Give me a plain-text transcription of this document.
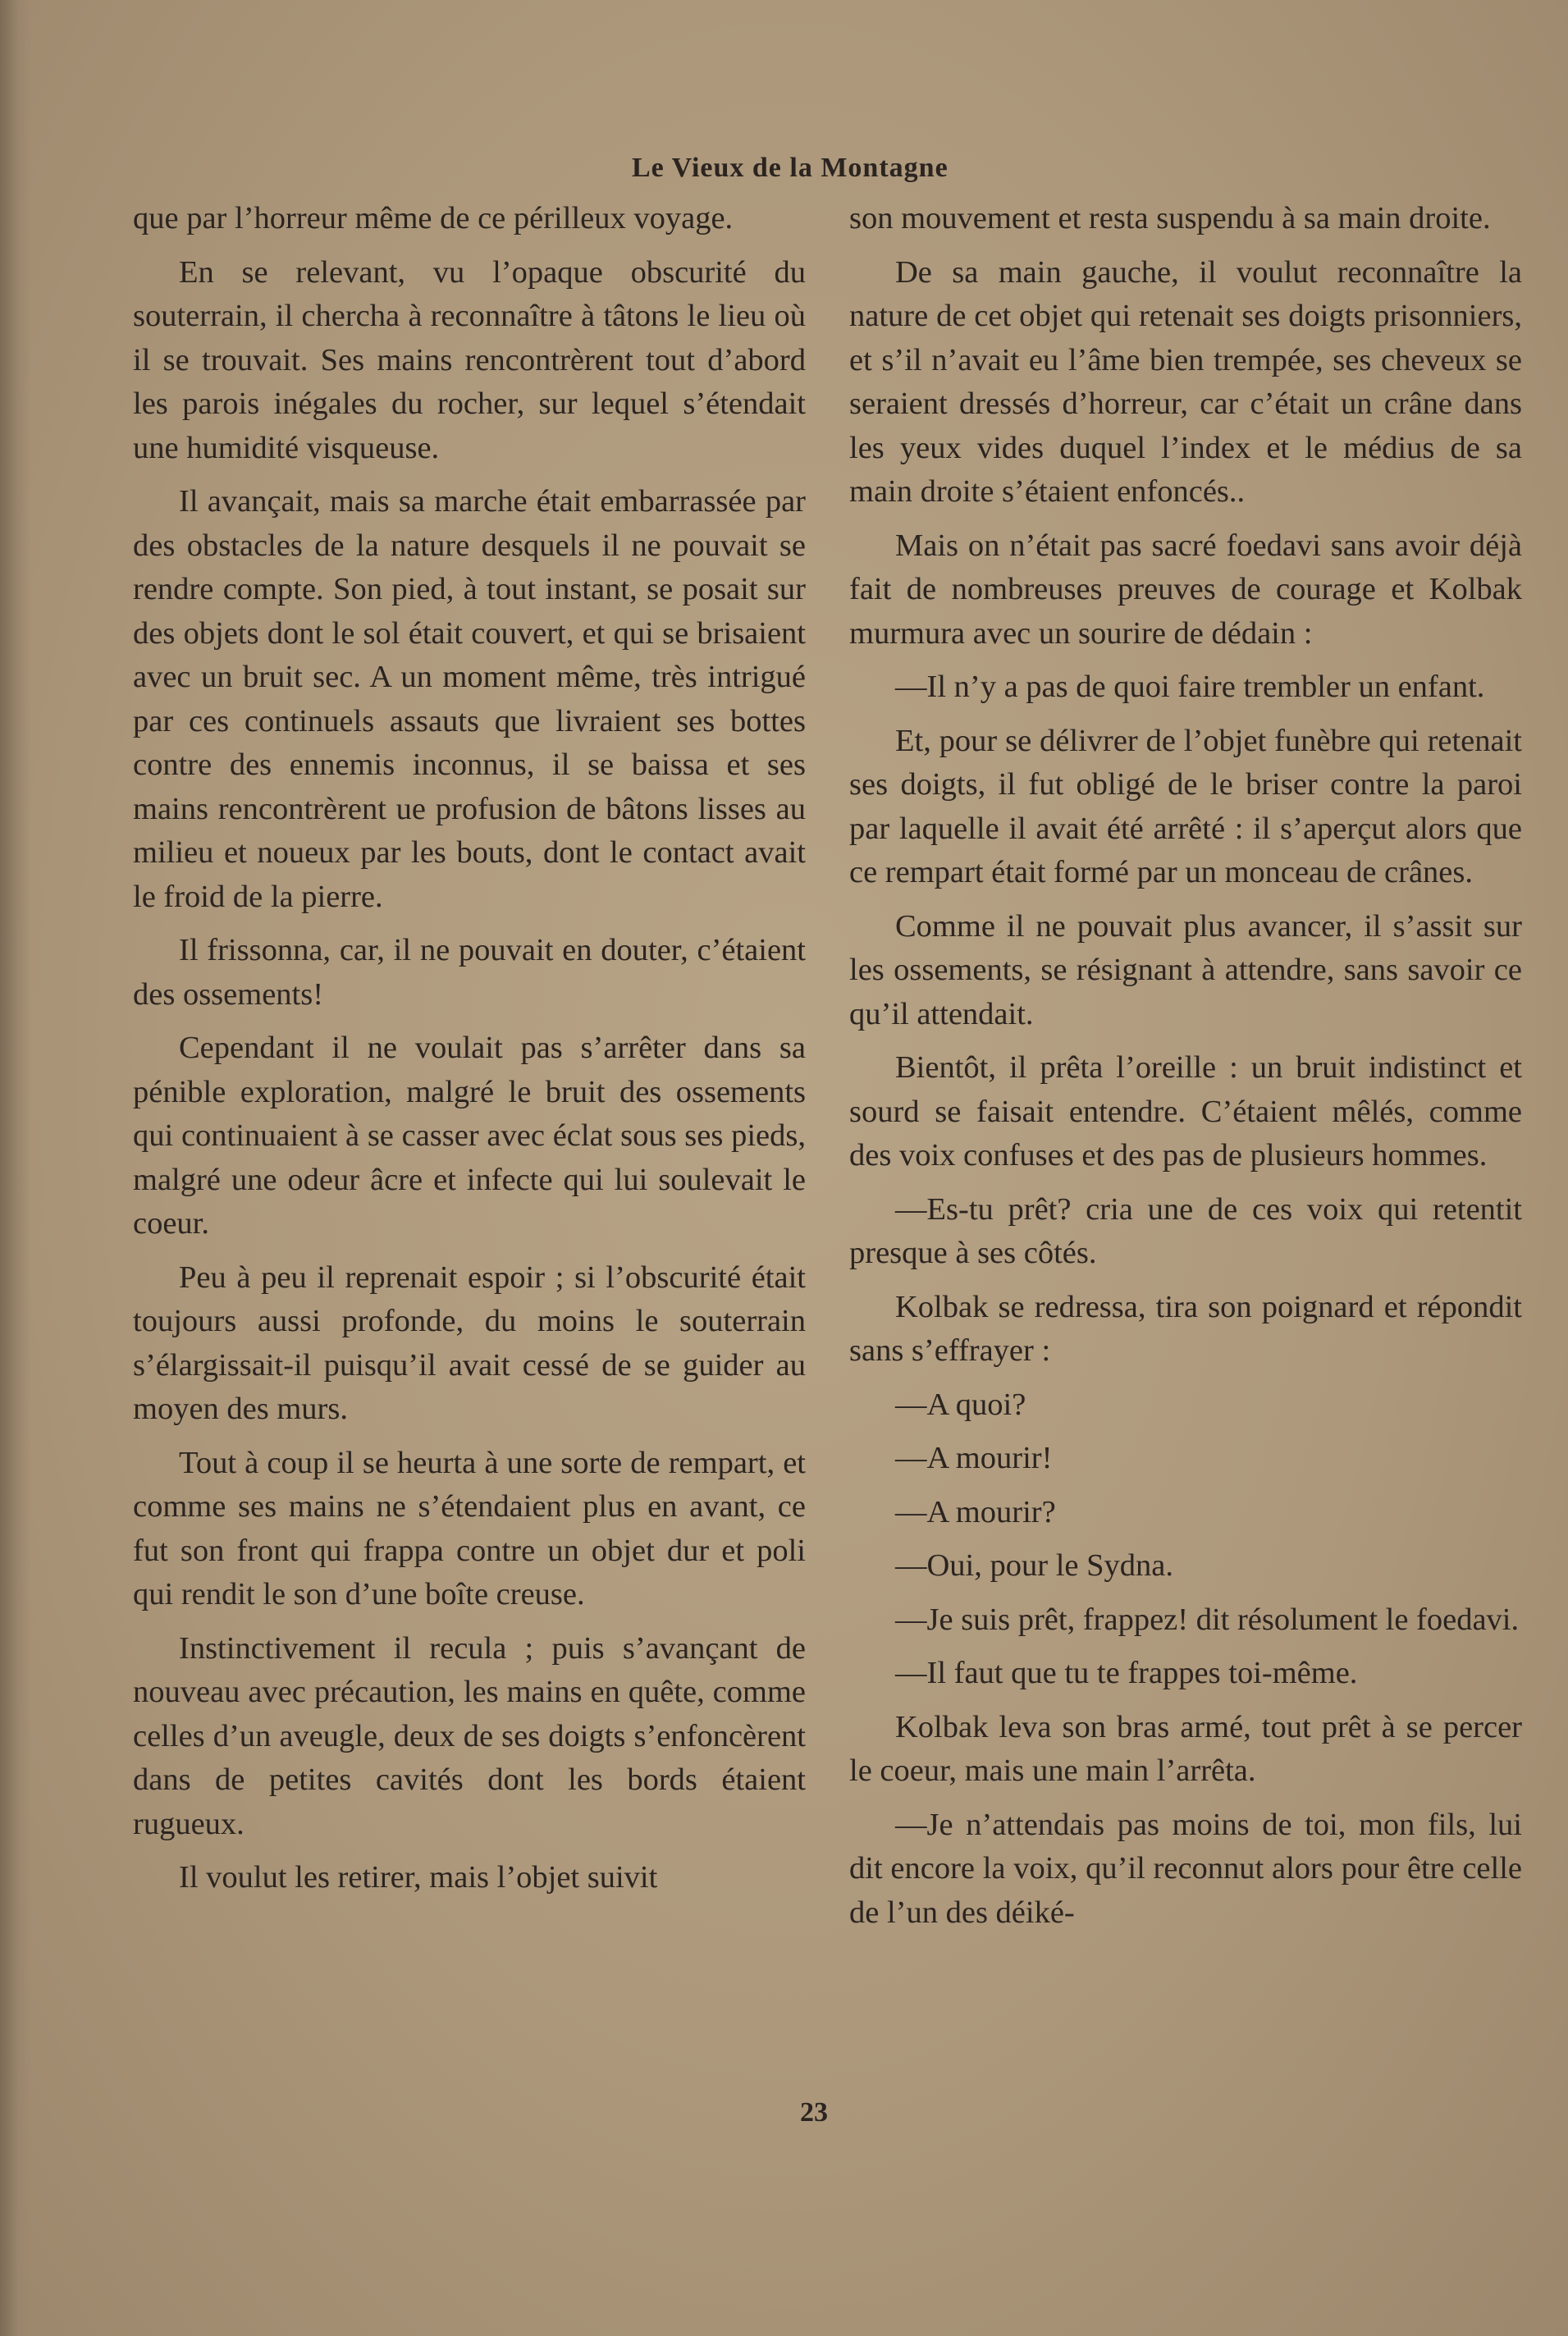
Le Vieux de la Montagne

que par l’horreur même de ce périlleux voyage.

En se relevant, vu l’opaque obscurité du souterrain, il chercha à reconnaître à tâtons le lieu où il se trouvait. Ses mains rencontrèrent tout d’abord les parois inégales du rocher, sur lequel s’étendait une humidité visqueuse.

Il avançait, mais sa marche était embarrassée par des obstacles de la nature desquels il ne pouvait se rendre compte. Son pied, à tout instant, se posait sur des objets dont le sol était couvert, et qui se brisaient avec un bruit sec. A un moment même, très intrigué par ces continuels assauts que livraient ses bottes contre des ennemis inconnus, il se baissa et ses mains rencontrèrent ue profusion de bâtons lisses au milieu et noueux par les bouts, dont le contact avait le froid de la pierre.

Il frissonna, car, il ne pouvait en douter, c’étaient des ossements!

Cependant il ne voulait pas s’arrêter dans sa pénible exploration, malgré le bruit des ossements qui continuaient à se casser avec éclat sous ses pieds, malgré une odeur âcre et infecte qui lui soulevait le coeur.

Peu à peu il reprenait espoir ; si l’obscurité était toujours aussi profonde, du moins le souterrain s’élargissait-il puisqu’il avait cessé de se guider au moyen des murs.

Tout à coup il se heurta à une sorte de rempart, et comme ses mains ne s’étendaient plus en avant, ce fut son front qui frappa contre un objet dur et poli qui rendit le son d’une boîte creuse.

Instinctivement il recula ; puis s’avançant de nouveau avec précaution, les mains en quête, comme celles d’un aveugle, deux de ses doigts s’enfoncèrent dans de petites cavités dont les bords étaient rugueux.

Il voulut les retirer, mais l’objet suivit

son mouvement et resta suspendu à sa main droite.

De sa main gauche, il voulut reconnaître la nature de cet objet qui retenait ses doigts prisonniers, et s’il n’avait eu l’âme bien trempée, ses cheveux se seraient dressés d’horreur, car c’était un crâne dans les yeux vides duquel l’index et le médius de sa main droite s’étaient enfoncés..

Mais on n’était pas sacré foedavi sans avoir déjà fait de nombreuses preuves de courage et Kolbak murmura avec un sourire de dédain :

—Il n’y a pas de quoi faire trembler un enfant.

Et, pour se délivrer de l’objet funèbre qui retenait ses doigts, il fut obligé de le briser contre la paroi par laquelle il avait été arrêté : il s’aperçut alors que ce rempart était formé par un monceau de crânes.

Comme il ne pouvait plus avancer, il s’assit sur les ossements, se résignant à attendre, sans savoir ce qu’il attendait.

Bientôt, il prêta l’oreille : un bruit indistinct et sourd se faisait entendre. C’étaient mêlés, comme des voix confuses et des pas de plusieurs hommes.

—Es-tu prêt? cria une de ces voix qui retentit presque à ses côtés.

Kolbak se redressa, tira son poignard et répondit sans s’effrayer :

—A quoi?

—A mourir!

—A mourir?

—Oui, pour le Sydna.

—Je suis prêt, frappez! dit résolument le foedavi.

—Il faut que tu te frappes toi-même.

Kolbak leva son bras armé, tout prêt à se percer le coeur, mais une main l’arrêta.

—Je n’attendais pas moins de toi, mon fils, lui dit encore la voix, qu’il reconnut alors pour être celle de l’un des déiké-

23
